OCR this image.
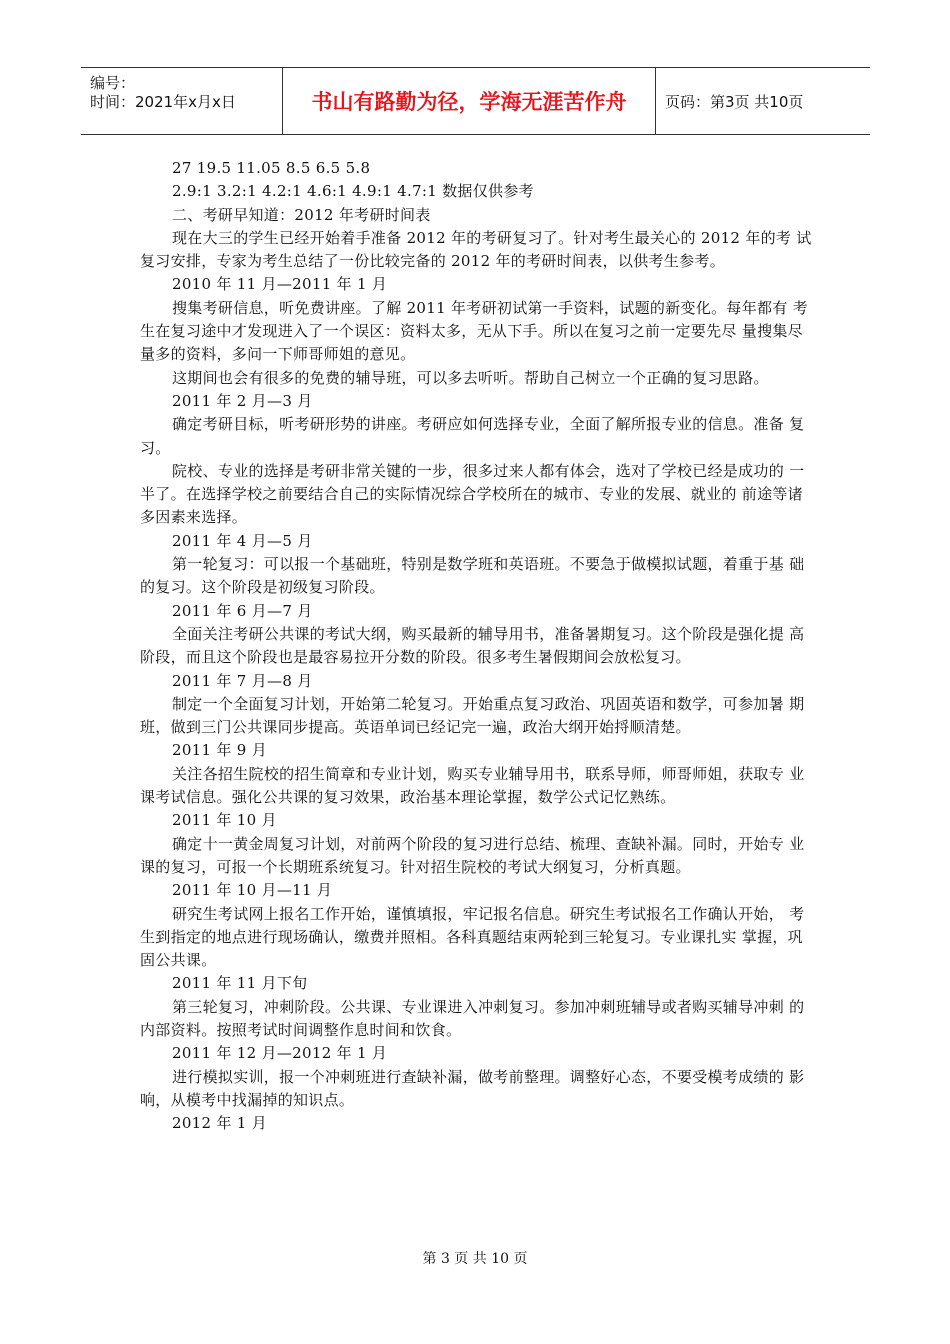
编号：
时间：2021年x月x日	书山有路勤为径，学海无涯苦作舟	页码：第3页 共10页

27 19.5 11.05 8.5 6.5 5.8

2.9:1 3.2:1 4.2:1 4.6:1 4.9:1 4.7:1 数据仅供参考

二、考研早知道：2012 年考研时间表

现在大三的学生已经开始着手准备 2012 年的考研复习了。针对考生最关心的 2012 年的考 试复习安排，专家为考生总结了一份比较完备的 2012 年的考研时间表，以供考生参考。

2010 年 11 月—2011 年 1 月

搜集考研信息，听免费讲座。了解 2011 年考研初试第一手资料，试题的新变化。每年都有 考生在复习途中才发现进入了一个误区：资料太多，无从下手。所以在复习之前一定要先尽 量搜集尽量多的资料，多问一下师哥师姐的意见。

这期间也会有很多的免费的辅导班，可以多去听听。帮助自己树立一个正确的复习思路。

2011 年 2 月—3 月

确定考研目标，听考研形势的讲座。考研应如何选择专业，全面了解所报专业的信息。准备 复习。

院校、专业的选择是考研非常关键的一步，很多过来人都有体会，选对了学校已经是成功的 一半了。在选择学校之前要结合自己的实际情况综合学校所在的城市、专业的发展、就业的 前途等诸多因素来选择。

2011 年 4 月—5 月

第一轮复习：可以报一个基础班，特别是数学班和英语班。不要急于做模拟试题，着重于基 础的复习。这个阶段是初级复习阶段。

2011 年 6 月—7 月

全面关注考研公共课的考试大纲，购买最新的辅导用书，准备暑期复习。这个阶段是强化提 高阶段，而且这个阶段也是最容易拉开分数的阶段。很多考生暑假期间会放松复习。

2011 年 7 月—8 月

制定一个全面复习计划，开始第二轮复习。开始重点复习政治、巩固英语和数学，可参加暑 期班，做到三门公共课同步提高。英语单词已经记完一遍，政治大纲开始捋顺清楚。

2011 年 9 月

关注各招生院校的招生简章和专业计划，购买专业辅导用书，联系导师，师哥师姐，获取专 业课考试信息。强化公共课的复习效果，政治基本理论掌握，数学公式记忆熟练。

2011 年 10 月

确定十一黄金周复习计划，对前两个阶段的复习进行总结、梳理、查缺补漏。同时，开始专 业课的复习，可报一个长期班系统复习。针对招生院校的考试大纲复习，分析真题。

2011 年 10 月—11 月

研究生考试网上报名工作开始，谨慎填报，牢记报名信息。研究生考试报名工作确认开始， 考生到指定的地点进行现场确认，缴费并照相。各科真题结束两轮到三轮复习。专业课扎实 掌握，巩固公共课。

2011 年 11 月下旬

第三轮复习，冲刺阶段。公共课、专业课进入冲刺复习。参加冲刺班辅导或者购买辅导冲刺 的内部资料。按照考试时间调整作息时间和饮食。

2011 年 12 月—2012 年 1 月

进行模拟实训，报一个冲刺班进行查缺补漏，做考前整理。调整好心态，不要受模考成绩的 影响，从模考中找漏掉的知识点。

2012 年 1 月

第 3 页 共 10 页
